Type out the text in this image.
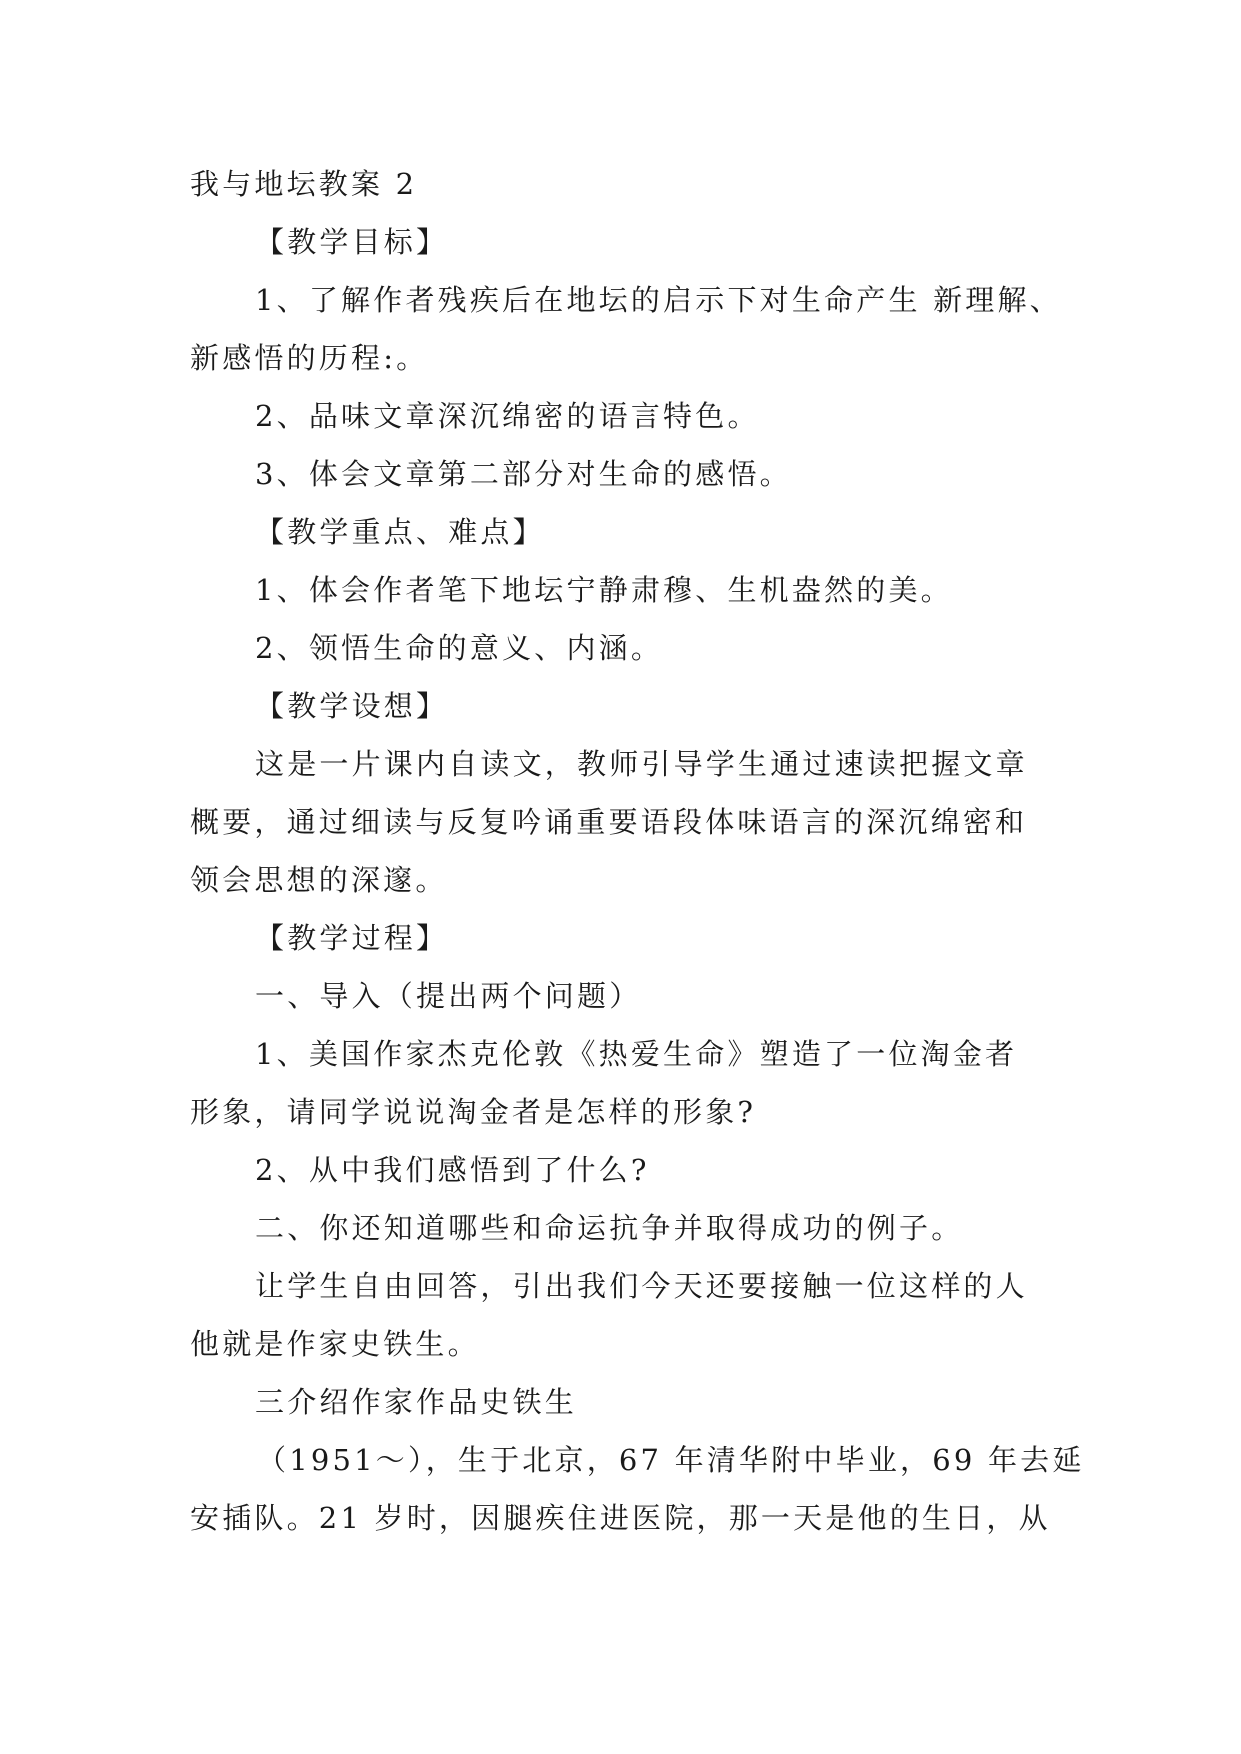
我与地坛教案 2
【教学目标】
1、了解作者残疾后在地坛的启示下对生命产生 新理解、
新感悟的历程:。
2、品味文章深沉绵密的语言特色。
3、体会文章第二部分对生命的感悟。
【教学重点、难点】
1、体会作者笔下地坛宁静肃穆、生机盎然的美。
2、领悟生命的意义、内涵。
【教学设想】
这是一片课内自读文，教师引导学生通过速读把握文章
概要，通过细读与反复吟诵重要语段体味语言的深沉绵密和
领会思想的深邃。
【教学过程】
一、导入（提出两个问题）
1、美国作家杰克伦敦《热爱生命》塑造了一位淘金者
形象，请同学说说淘金者是怎样的形象?
2、从中我们感悟到了什么?
二、你还知道哪些和命运抗争并取得成功的例子。
让学生自由回答，引出我们今天还要接触一位这样的人
他就是作家史铁生。
三介绍作家作品史铁生
（1951～），生于北京，67 年清华附中毕业，69 年去延
安插队。21 岁时，因腿疾住进医院，那一天是他的生日，从
